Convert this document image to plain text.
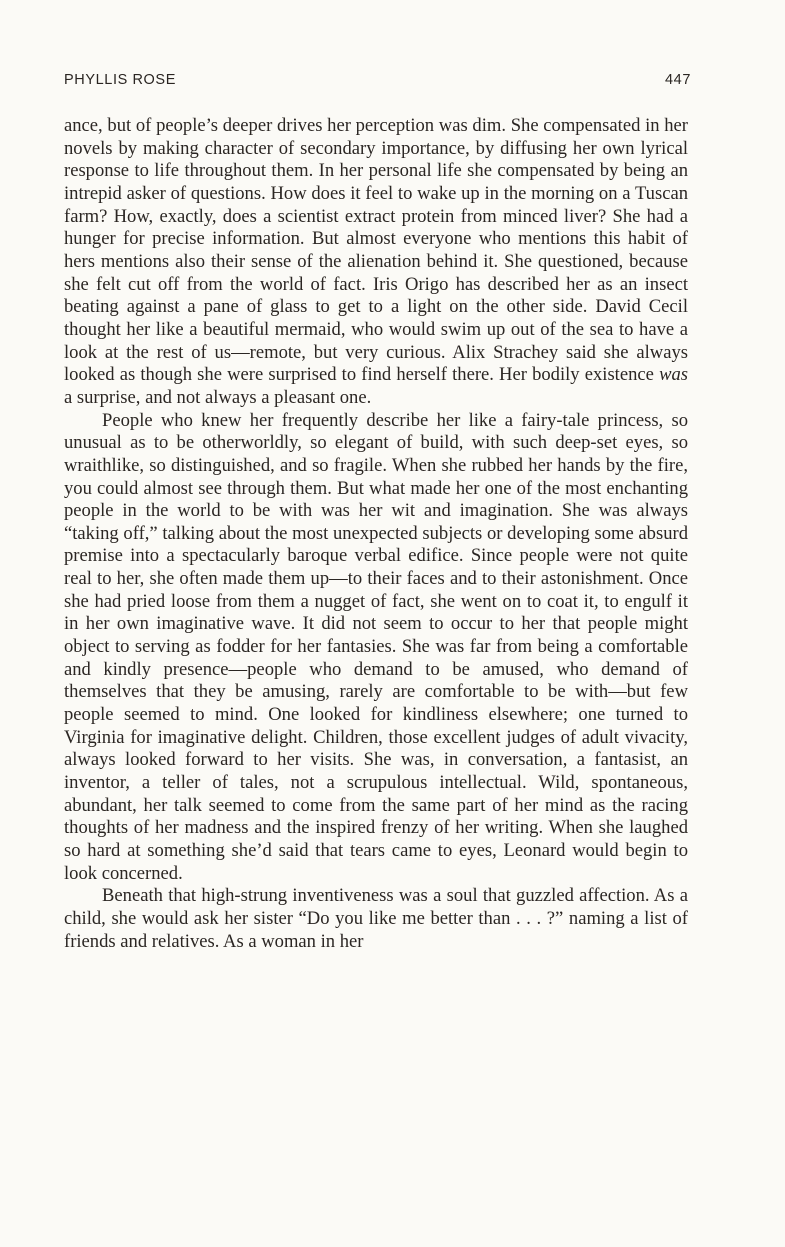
PHYLLIS ROSE	447

ance, but of people’s deeper drives her perception was dim. She compensated in her novels by making character of secondary importance, by diffusing her own lyrical response to life throughout them. In her personal life she compensated by being an intrepid asker of questions. How does it feel to wake up in the morning on a Tuscan farm? How, exactly, does a scientist extract protein from minced liver? She had a hunger for precise information. But almost everyone who mentions this habit of hers mentions also their sense of the alienation behind it. She questioned, because she felt cut off from the world of fact. Iris Origo has described her as an insect beating against a pane of glass to get to a light on the other side. David Cecil thought her like a beautiful mermaid, who would swim up out of the sea to have a look at the rest of us—remote, but very curious. Alix Strachey said she always looked as though she were surprised to find herself there. Her bodily existence was a surprise, and not always a pleasant one.

People who knew her frequently describe her like a fairy-tale princess, so unusual as to be otherworldly, so elegant of build, with such deep-set eyes, so wraithlike, so distinguished, and so fragile. When she rubbed her hands by the fire, you could almost see through them. But what made her one of the most enchanting people in the world to be with was her wit and imagination. She was always “taking off,” talking about the most unexpected subjects or developing some absurd premise into a spectacularly baroque verbal edifice. Since people were not quite real to her, she often made them up—to their faces and to their astonishment. Once she had pried loose from them a nugget of fact, she went on to coat it, to engulf it in her own imaginative wave. It did not seem to occur to her that people might object to serving as fodder for her fantasies. She was far from being a comfortable and kindly presence—people who demand to be amused, who demand of themselves that they be amusing, rarely are comfortable to be with—but few people seemed to mind. One looked for kindliness elsewhere; one turned to Virginia for imaginative delight. Children, those excellent judges of adult vivacity, always looked forward to her visits. She was, in conversation, a fantasist, an inventor, a teller of tales, not a scrupulous intellectual. Wild, spontaneous, abundant, her talk seemed to come from the same part of her mind as the racing thoughts of her madness and the inspired frenzy of her writing. When she laughed so hard at something she’d said that tears came to eyes, Leonard would begin to look concerned.

Beneath that high-strung inventiveness was a soul that guzzled affection. As a child, she would ask her sister “Do you like me better than . . . ?” naming a list of friends and relatives. As a woman in her
